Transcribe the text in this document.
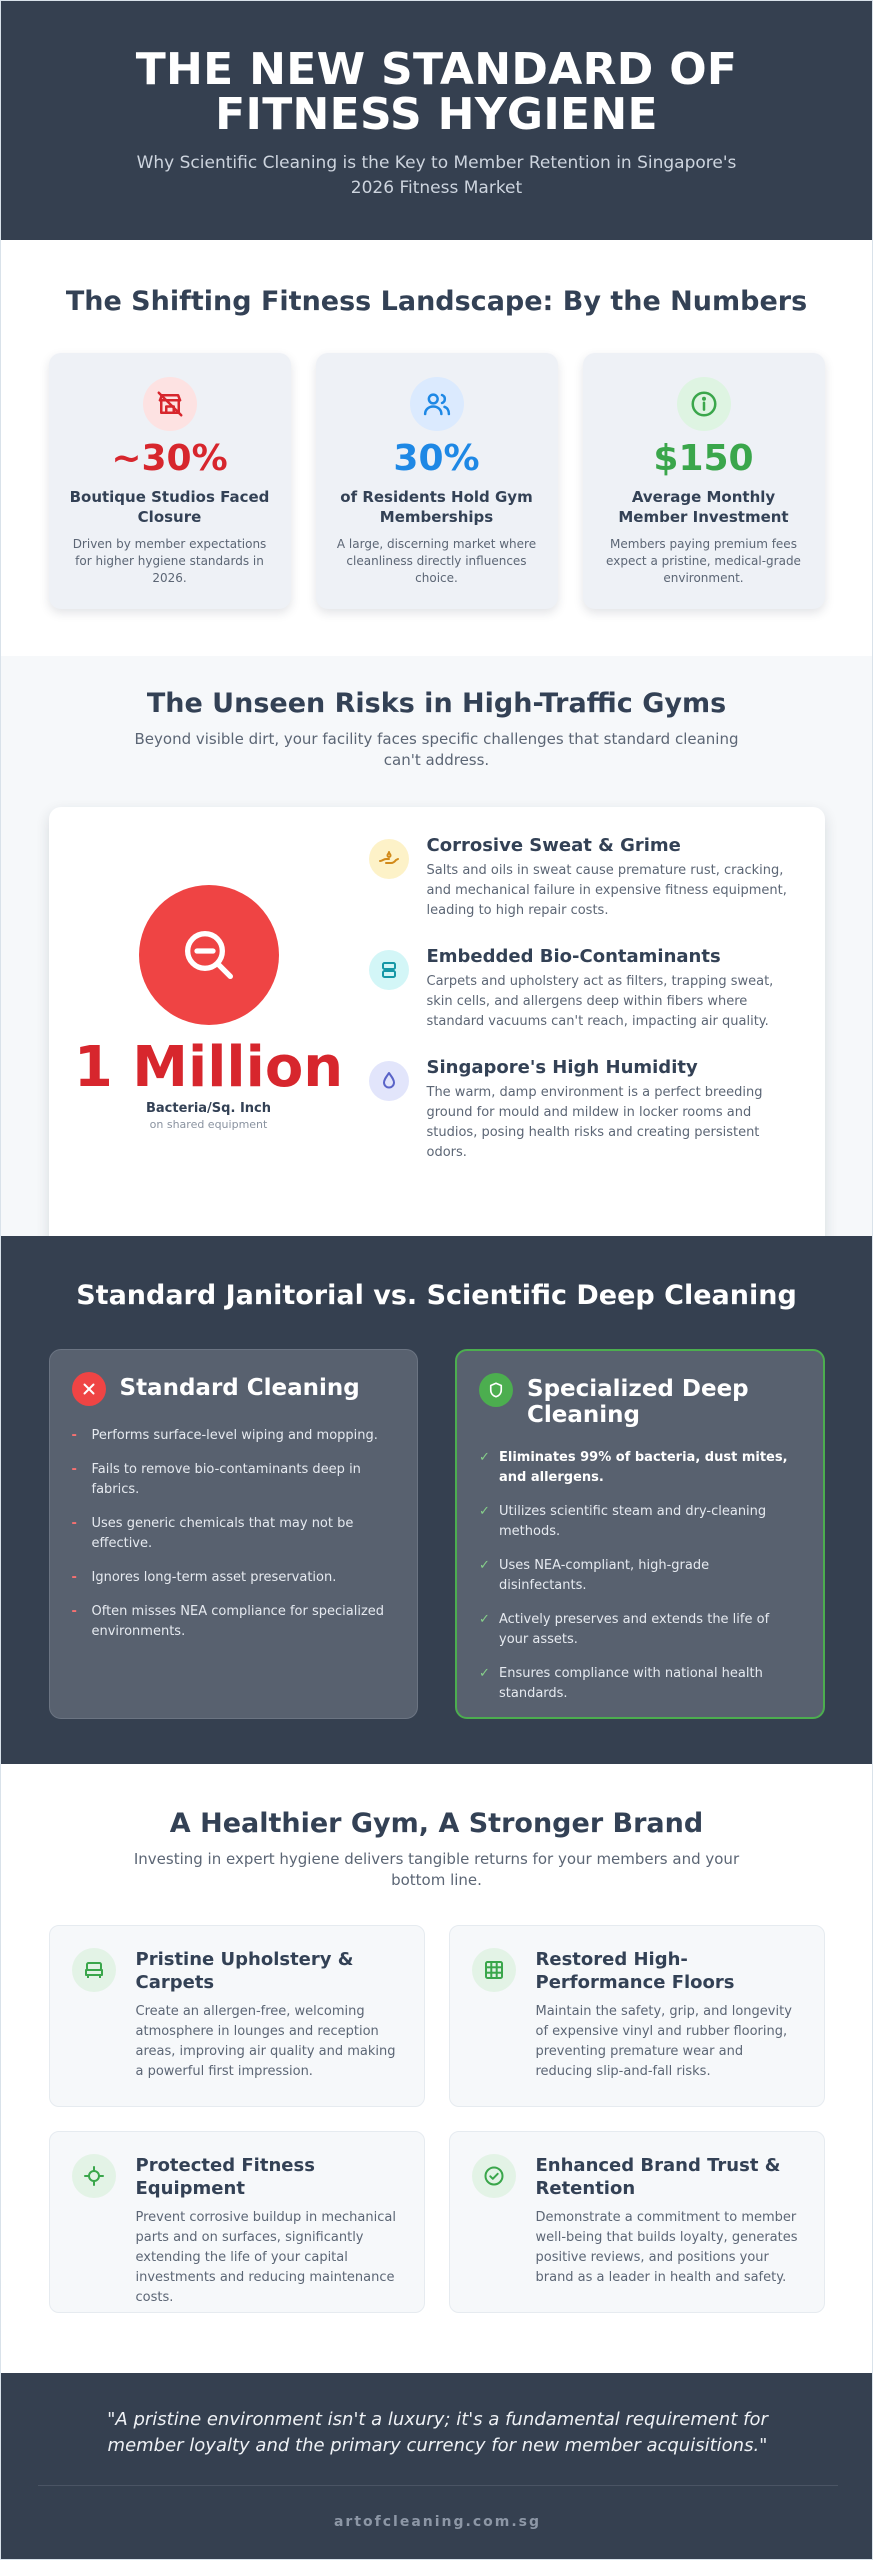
THE NEW STANDARD OF FITNESS HYGIENE

Why Scientific Cleaning is the Key to Member Retention in Singapore's 2026 Fitness Market

The Shifting Fitness Landscape: By the Numbers
~30%
Boutique Studios Faced Closure
Driven by member expectations for higher hygiene standards in 2026.
30%
of Residents Hold Gym Memberships
A large, discerning market where cleanliness directly influences choice.
$150
Average Monthly Member Investment
Members paying premium fees expect a pristine, medical-grade environment.
The Unseen Risks in High-Traffic Gyms

Beyond visible dirt, your facility faces specific challenges that standard cleaning can't address.

1 Million
Bacteria/Sq. Inch
on shared equipment
Corrosive Sweat & Grime

Salts and oils in sweat cause premature rust, cracking, and mechanical failure in expensive fitness equipment, leading to high repair costs.

Embedded Bio-Contaminants

Carpets and upholstery act as filters, trapping sweat, skin cells, and allergens deep within fibers where standard vacuums can't reach, impacting air quality.

Singapore's High Humidity

The warm, damp environment is a perfect breeding ground for mould and mildew in locker rooms and studios, posing health risks and creating persistent odors.

Standard Janitorial vs. Scientific Deep Cleaning
Standard Cleaning
-	Performs surface-level wiping and mopping.
-	Fails to remove bio-contaminants deep in fabrics.
-	Uses generic chemicals that may not be effective.
-	Ignores long-term asset preservation.
-	Often misses NEA compliance for specialized environments.
Specialized Deep Cleaning
✓ Eliminates 99% of bacteria, dust mites, and allergens.
✓ Utilizes scientific steam and dry-cleaning methods.
✓ Uses NEA-compliant, high-grade disinfectants.
✓ Actively preserves and extends the life of your assets.
✓ Ensures compliance with national health standards.
A Healthier Gym, A Stronger Brand

Investing in expert hygiene delivers tangible returns for your members and your bottom line.

Pristine Upholstery & Carpets

Create an allergen-free, welcoming atmosphere in lounges and reception areas, improving air quality and making a powerful first impression.

Restored High-Performance Floors

Maintain the safety, grip, and longevity of expensive vinyl and rubber flooring, preventing premature wear and reducing slip-and-fall risks.

Protected Fitness Equipment

Prevent corrosive buildup in mechanical parts and on surfaces, significantly extending the life of your capital investments and reducing maintenance costs.

Enhanced Brand Trust & Retention

Demonstrate a commitment to member well-being that builds loyalty, generates positive reviews, and positions your brand as a leader in health and safety.

"A pristine environment isn't a luxury; it's a fundamental requirement for member loyalty and the primary currency for new member acquisitions."

artofcleaning.com.sg
